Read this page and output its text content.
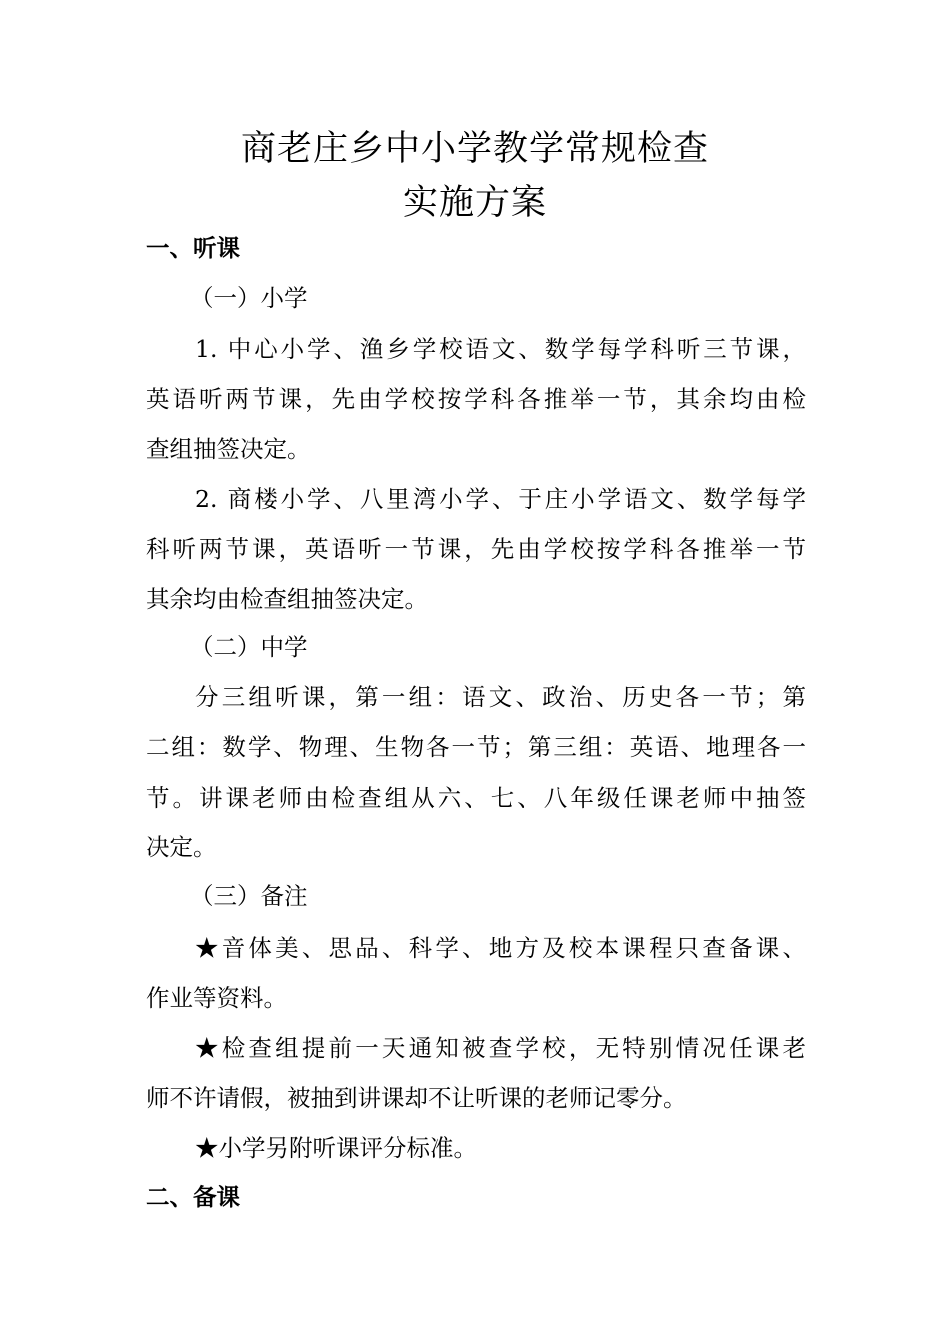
商老庄乡中小学教学常规检查
实施方案
一、听课
（一）小学
1. 中心小学、渔乡学校语文、数学每学科听三节课，
英语听两节课，先由学校按学科各推举一节，其余均由检
查组抽签决定。
2. 商楼小学、八里湾小学、于庄小学语文、数学每学
科听两节课，英语听一节课，先由学校按学科各推举一节
其余均由检查组抽签决定。
（二）中学
分三组听课，第一组：语文、政治、历史各一节；第
二组：数学、物理、生物各一节；第三组：英语、地理各一
节。讲课老师由检查组从六、七、八年级任课老师中抽签
决定。
（三）备注
★音体美、思品、科学、地方及校本课程只查备课、
作业等资料。
★检查组提前一天通知被查学校，无特别情况任课老
师不许请假，被抽到讲课却不让听课的老师记零分。
★小学另附听课评分标准。
二、备课
